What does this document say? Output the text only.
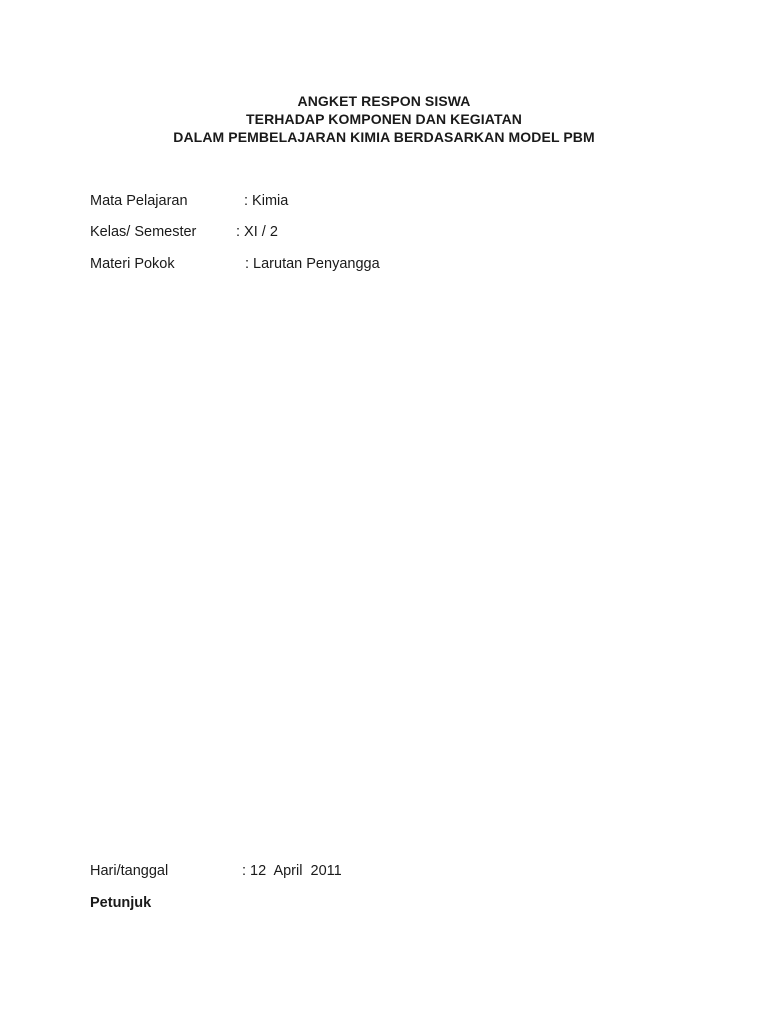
ANGKET RESPON SISWA
TERHADAP KOMPONEN DAN KEGIATAN
DALAM PEMBELAJARAN KIMIA BERDASARKAN MODEL PBM
Mata Pelajaran	: Kimia
Kelas/ Semester	: XI / 2
Materi Pokok	: Larutan Penyangga
Hari/tanggal	: 12  April  2011
Petunjuk
